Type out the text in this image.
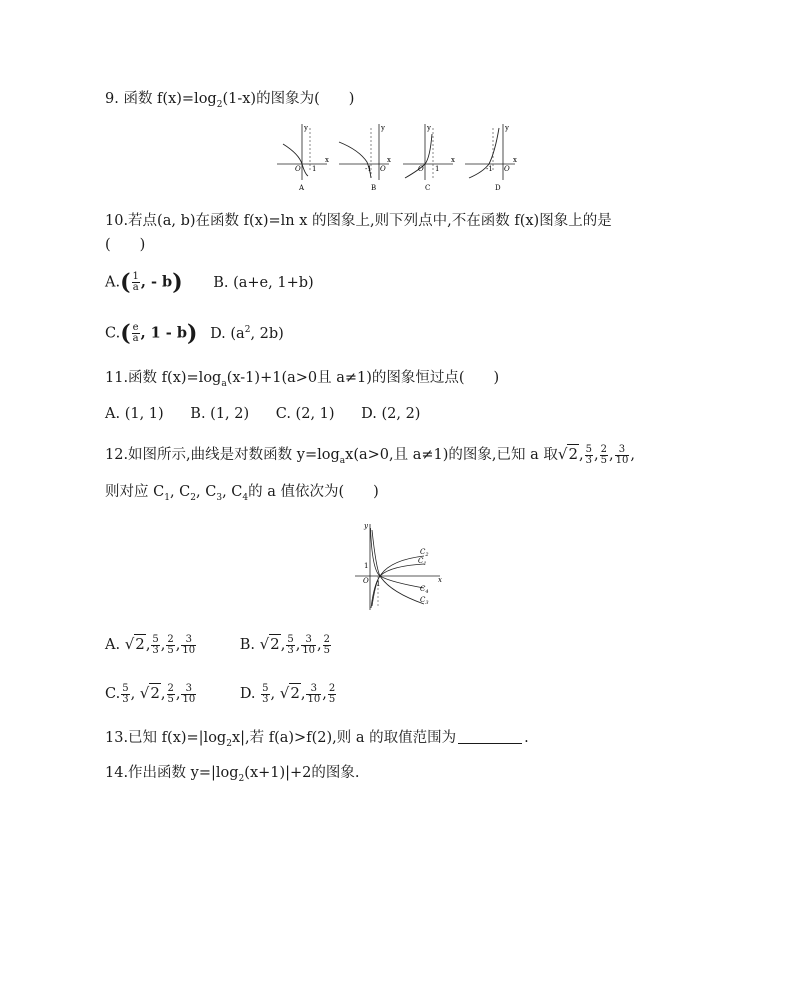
9. 函数 $f(x)=\log_2(1-x)$的图象为(　　)
y
x
O 1
A
y
x
O
-1
B
y
x
O 1
C
y
x
O
-1
D
10.若点(a, b)在函数 f(x)=ln x 的图象上,则下列点中,不在函数 f(x)图象上的是
(　　)
$A.( \frac{1}{a}$ , - b) B. (a+e, 1+b)
$C.( \frac{e}{a}$ , 1 - b) D. ($a^2$, 2b)
11.函数 $f(x)=\log_a(x-1)+1(a>0$且 a≠1)的图象恒过点(　　)
A. (1, 1) B. (1, 2) C. (2, 1) D. (2, 2)
12.如图所示,曲线是对数函数 $y=\log_ax(a>0$,且 a≠1)的图象,已知 a 取√2, $\frac{5}{3}$ , $\frac{2}{5}$ , $\frac{3}{10}$ ,
则对应 $C_1$, $C_2$, $C_3$, $C_4$的 a 值依次为(　　)
y
x
O
1
1
$C_2$
$C_1$
$C_4$
$C_3$
A. √2, $\frac{5}{3}$ , $\frac{2}{5}$ , $\frac{3}{10}$	B. √2, $\frac{5}{3}$ , $\frac{3}{10}$ , $\frac{2}{5}$
C. $\frac{5}{3}$ , √2, $\frac{2}{5}$ , $\frac{3}{10}$	D. $\frac{5}{3}$ , √2, $\frac{3}{10}$ , $\frac{2}{5}$
13.已知 $f(x)=|\log_2x|$,若 f(a)>f(2),则 a 的取值范围为	.
14.作出函数 $y=|\log_2(x+1)|+2$的图象.
